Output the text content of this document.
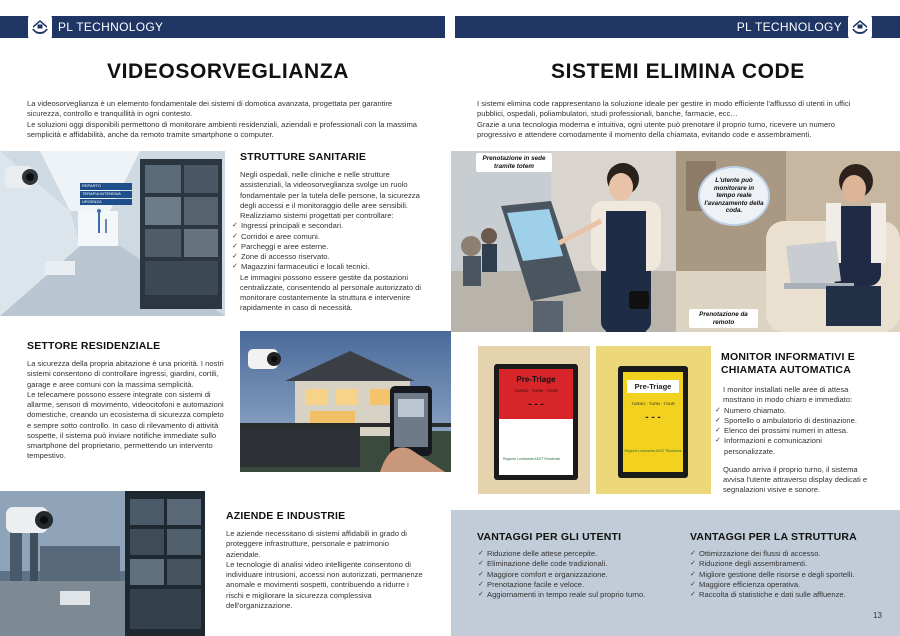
PL TECHNOLOGY	PL TECHNOLOGY
VIDEOSORVEGLIANZA

La videosorveglianza è un elemento fondamentale dei sistemi di domotica avanzata, progettata per garantire sicurezza, controllo e tranquillità in ogni contesto.

Le soluzioni oggi disponibili permettono di monitorare ambienti residenziali, aziendali e professionali con la massima semplicità e affidabilità, anche da remoto tramite smartphone o computer.

REPARTO
TERAPIA INTENSIVA
URGENZA
STRUTTURE SANITARIE

Negli ospedali, nelle cliniche e nelle strutture assistenziali, la videosorveglianza svolge un ruolo fondamentale per la tutela delle persone, la sicurezza degli accessi e il monitoraggio delle aree sensibili. Realizziamo sistemi progettati per controllare:

✓ Ingressi principali e secondari.
✓ Corridoi e aree comuni.
✓ Parcheggi e aree esterne.
✓ Zone di accesso riservato.
✓ Magazzini farmaceutici e locali tecnici.

Le immagini possono essere gestite da postazioni centralizzate, consentendo al personale autorizzato di monitorare costantemente la struttura e intervenire rapidamente in caso di necessità.

SETTORE RESIDENZIALE

La sicurezza della propria abitazione è una priorità. I nostri sistemi consentono di controllare ingressi, giardini, cortili, garage e aree comuni con la massima semplicità.

Le telecamere possono essere integrate con sistemi di allarme, sensori di movimento, videocitofoni e automazioni domestiche, creando un ecosistema di sicurezza completo e sempre sotto controllo. In caso di rilevamento di attività sospette, il sistema può inviare notifiche immediate sullo smartphone del proprietario, permettendo un intervento tempestivo.

AZIENDE E INDUSTRIE

Le aziende necessitano di sistemi affidabili in grado di proteggere infrastrutture, personale e patrimonio aziendale.

Le tecnologie di analisi video intelligente consentono di individuare intrusioni, accessi non autorizzati, permanenze anomale e movimenti sospetti, contribuendo a ridurre i rischi e migliorare la sicurezza complessiva dell'organizzazione.

SISTEMI ELIMINA CODE

I sistemi elimina code rappresentano la soluzione ideale per gestire in modo efficiente l'afflusso di utenti in uffici pubblici, ospedali, poliambulatori, studi professionali, banche, farmacie, ecc…

Grazie a una tecnologia moderna e intuitiva, ogni utente può prenotare il proprio turno, ricevere un numero progressivo e attendere comodamente il momento della chiamata, evitando code e assembramenti.

Prenotazione in sede tramite totem
L'utente può monitorare in tempo reale l'avanzamento della coda.
Prenotazione da remoto
Pre-Triage
TURNO · TURN · TOUR
- - -
Regione Lombardia ASST Rhodense
Pre-Triage
TURNO · TURN · TOUR
- - -
Regione Lombardia ASST Rhodense
MONITOR INFORMATIVI E CHIAMATA AUTOMATICA

I monitor installati nelle aree di attesa mostrano in modo chiaro e immediato:

✓ Numero chiamato.
✓ Sportello o ambulatorio di destinazione.
✓ Elenco dei prossimi numeri in attesa.
✓ Informazioni e comunicazioni personalizzate.

Quando arriva il proprio turno, il sistema avvisa l'utente attraverso display dedicati e segnalazioni visive e sonore.

VANTAGGI PER GLI UTENTI
✓ Riduzione delle attese percepite.
✓ Eliminazione delle code tradizionali.
✓ Maggiore comfort e organizzazione.
✓ Prenotazione facile e veloce.
✓ Aggiornamenti in tempo reale sul proprio turno.
VANTAGGI PER LA STRUTTURA
✓ Ottimizzazione dei flussi di accesso.
✓ Riduzione degli assembramenti.
✓ Migliore gestione delle risorse e degli sportelli.
✓ Maggiore efficienza operativa.
✓ Raccolta di statistiche e dati sulle affluenze.
13
